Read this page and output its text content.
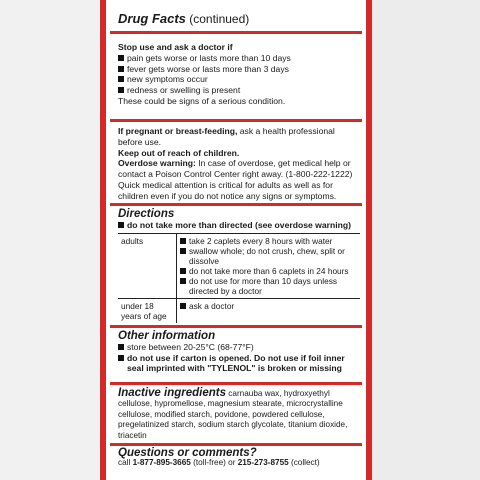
Drug Facts (continued)
Stop use and ask a doctor if
pain gets worse or lasts more than 10 days
fever gets worse or lasts more than 3 days
new symptoms occur
redness or swelling is present
These could be signs of a serious condition.
If pregnant or breast-feeding, ask a health professional before use.
Keep out of reach of children.
Overdose warning: In case of overdose, get medical help or contact a Poison Control Center right away. (1-800-222-1222) Quick medical attention is critical for adults as well as for children even if you do not notice any signs or symptoms.
Directions
do not take more than directed (see overdose warning)
adults	take 2 caplets every 8 hours with water
swallow whole; do not crush, chew, split or dissolve
do not take more than 6 caplets in 24 hours
do not use for more than 10 days unless directed by a doctor

under 18 years of age	ask a doctor
Other information
store between 20-25°C (68-77°F)
do not use if carton is opened. Do not use if foil inner seal imprinted with "TYLENOL" is broken or missing
Inactive ingredients carnauba wax, hydroxyethyl cellulose, hypromellose, magnesium stearate, microcrystalline cellulose, modified starch, povidone, powdered cellulose, pregelatinized starch, sodium starch glycolate, titanium dioxide, triacetin
Questions or comments?
call 1-877-895-3665 (toll-free) or 215-273-8755 (collect)
